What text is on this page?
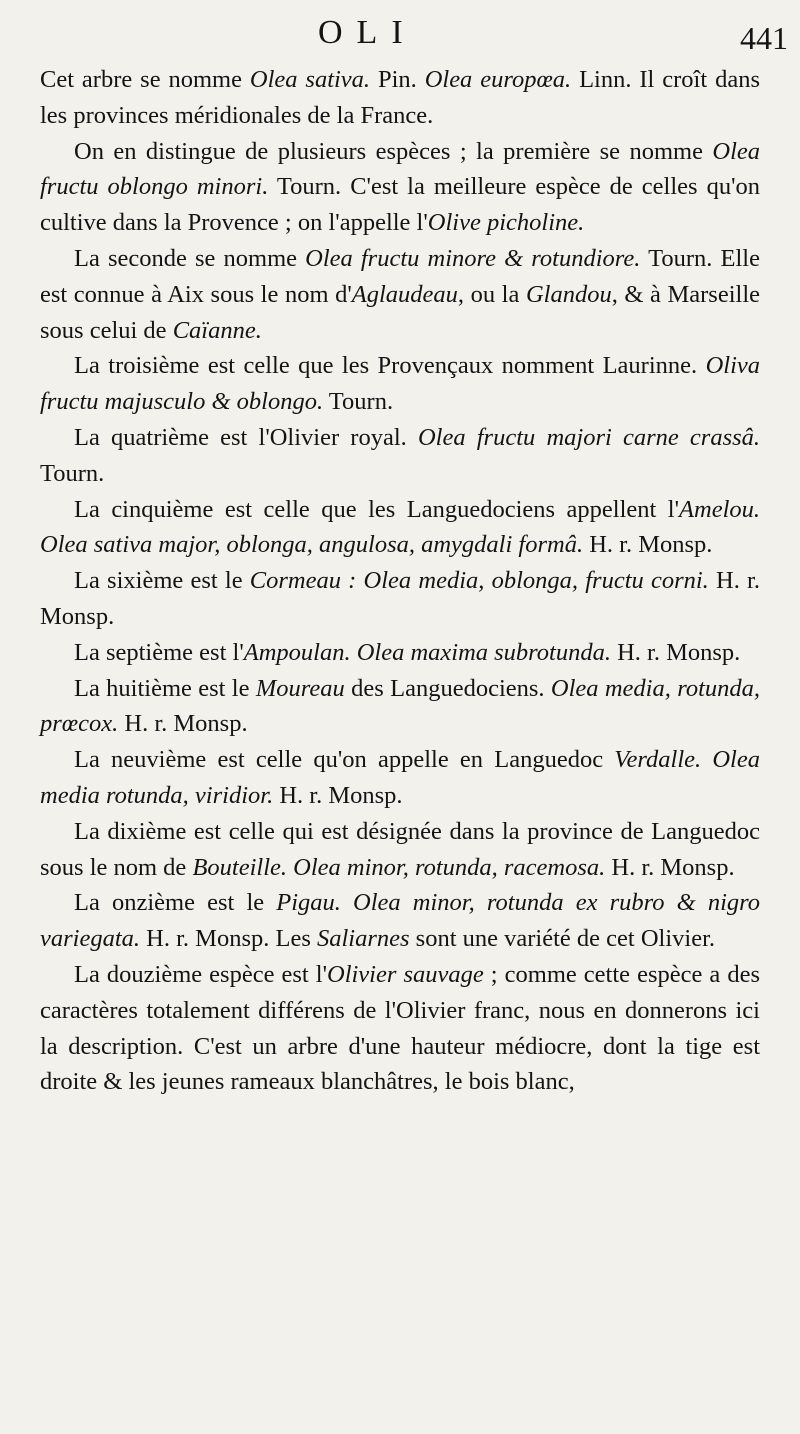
OLI	441

Cet arbre se nomme Olea sativa. Pin. Olea europœa. Linn. Il croît dans les provinces méridionales de la France.

On en distingue de plusieurs espèces ; la première se nomme Olea fructu oblongo minori. Tourn. C'est la meilleure espèce de celles qu'on cultive dans la Provence ; on l'appelle l'Olive picholine.

La seconde se nomme Olea fructu minore & rotundiore. Tourn. Elle est connue à Aix sous le nom d'Aglaudeau, ou la Glandou, & à Marseille sous celui de Caïanne.

La troisième est celle que les Provençaux nomment Laurinne. Oliva fructu majusculo & oblongo. Tourn.

La quatrième est l'Olivier royal. Olea fructu majori carne crassâ. Tourn.

La cinquième est celle que les Languedociens appellent l'Amelou. Olea sativa major, oblonga, angulosa, amygdali formâ. H. r. Monsp.

La sixième est le Cormeau : Olea media, oblonga, fructu corni. H. r. Monsp.

La septième est l'Ampoulan. Olea maxima subrotunda. H. r. Monsp.

La huitième est le Moureau des Languedociens. Olea media, rotunda, prœcox. H. r. Monsp.

La neuvième est celle qu'on appelle en Languedoc Verdalle. Olea media rotunda, viridior. H. r. Monsp.

La dixième est celle qui est désignée dans la province de Languedoc sous le nom de Bouteille. Olea minor, rotunda, racemosa. H. r. Monsp.

La onzième est le Pigau. Olea minor, rotunda ex rubro & nigro variegata. H. r. Monsp. Les Saliarnes sont une variété de cet Olivier.

La douzième espèce est l'Olivier sauvage ; comme cette espèce a des caractères totalement différens de l'Olivier franc, nous en donnerons ici la description. C'est un arbre d'une hauteur médiocre, dont la tige est droite & les jeunes rameaux blanchâtres, le bois blanc,
